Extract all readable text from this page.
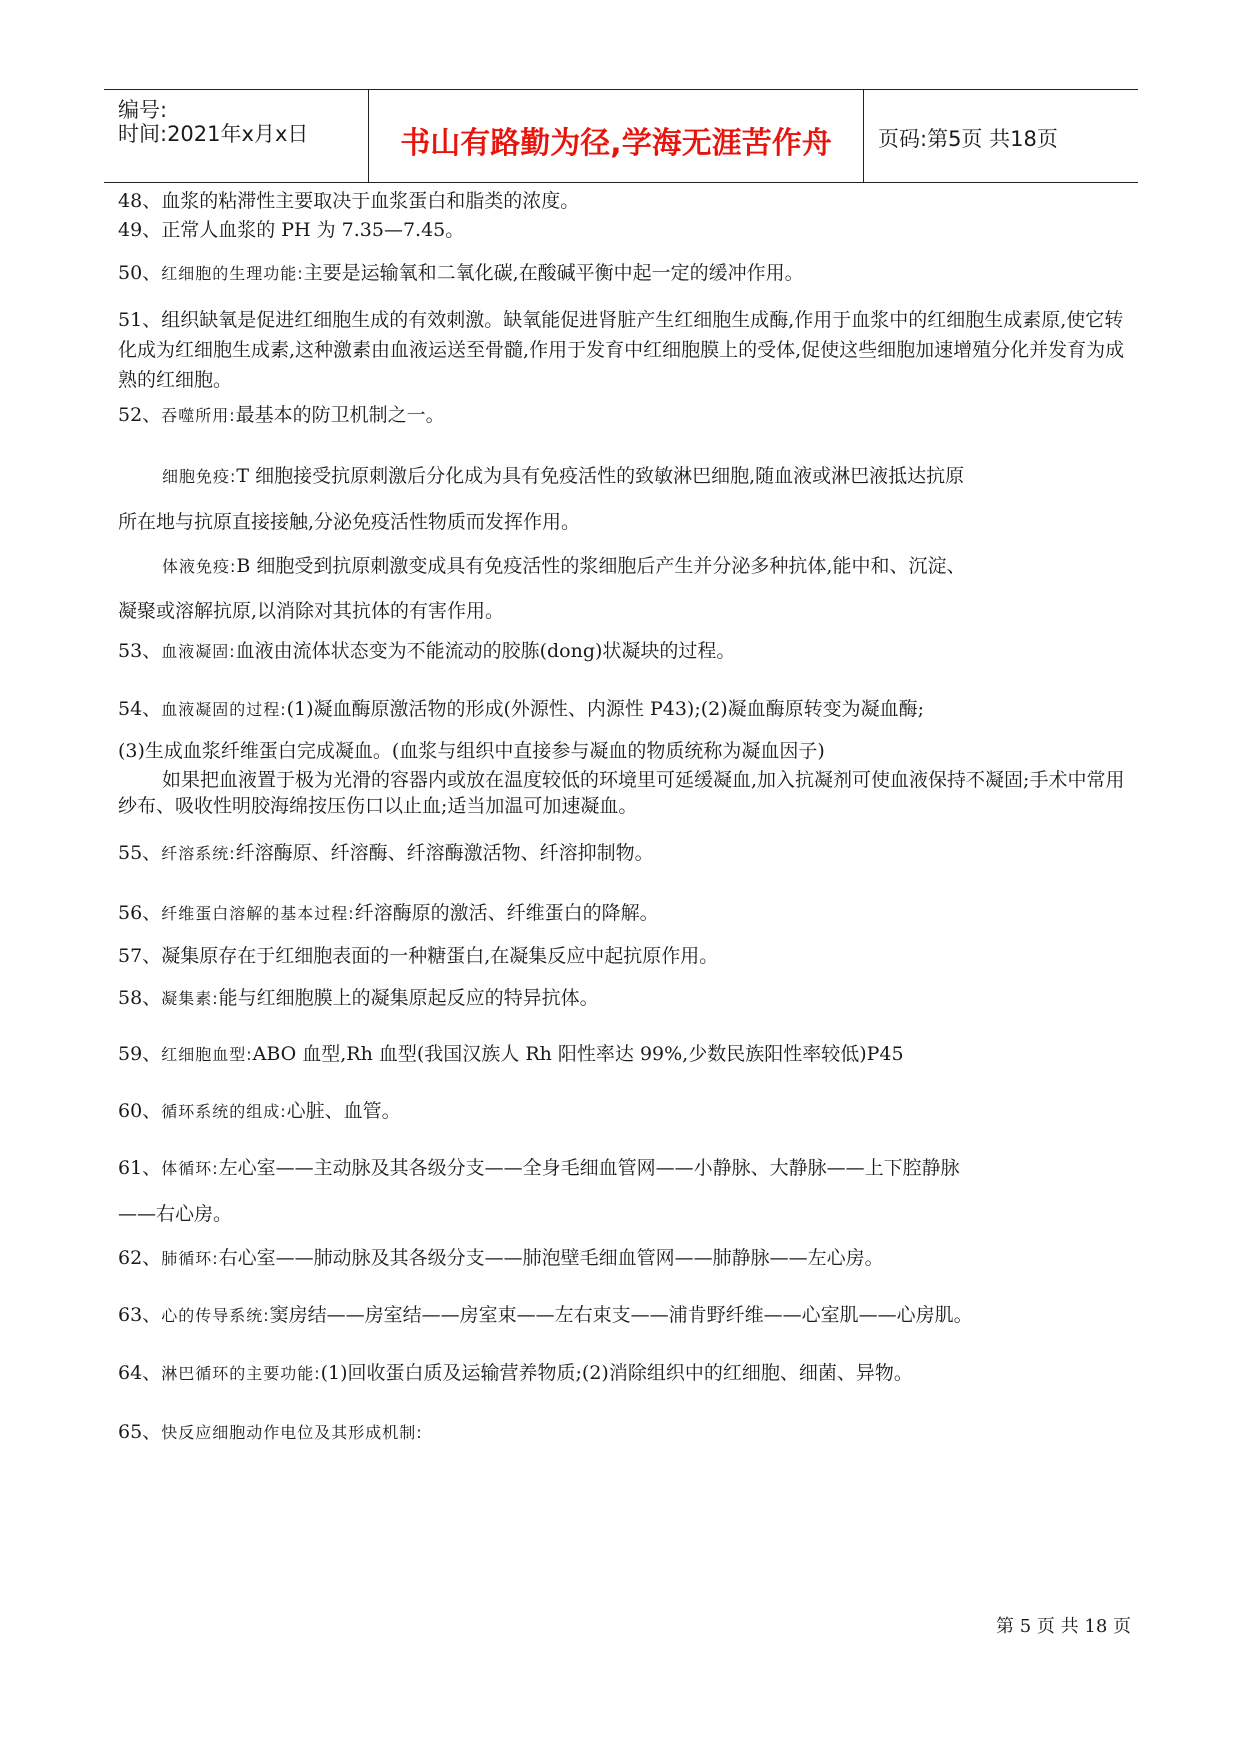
编号:
时间:2021年x月x日	书山有路勤为径,学海无涯苦作舟	页码:第5页 共18页

48、血浆的粘滞性主要取决于血浆蛋白和脂类的浓度。

49、正常人血浆的 PH 为 7.35—7.45。

50、红细胞的生理功能:主要是运输氧和二氧化碳,在酸碱平衡中起一定的缓冲作用。

51、组织缺氧是促进红细胞生成的有效刺激。缺氧能促进肾脏产生红细胞生成酶,作用于血浆中的红细胞生成素原,使它转化成为红细胞生成素,这种激素由血液运送至骨髓,作用于发育中红细胞膜上的受体,促使这些细胞加速增殖分化并发育为成熟的红细胞。

52、吞噬所用:最基本的防卫机制之一。

细胞免疫:T 细胞接受抗原刺激后分化成为具有免疫活性的致敏淋巴细胞,随血液或淋巴液抵达抗原

所在地与抗原直接接触,分泌免疫活性物质而发挥作用。

体液免疫:B 细胞受到抗原刺激变成具有免疫活性的浆细胞后产生并分泌多种抗体,能中和、沉淀、

凝聚或溶解抗原,以消除对其抗体的有害作用。

53、血液凝固:血液由流体状态变为不能流动的胶胨(dong)状凝块的过程。

54、血液凝固的过程:(1)凝血酶原激活物的形成(外源性、内源性 P43);(2)凝血酶原转变为凝血酶;

(3)生成血浆纤维蛋白完成凝血。(血浆与组织中直接参与凝血的物质统称为凝血因子)

如果把血液置于极为光滑的容器内或放在温度较低的环境里可延缓凝血,加入抗凝剂可使血液保持不凝固;手术中常用纱布、吸收性明胶海绵按压伤口以止血;适当加温可加速凝血。

55、纤溶系统:纤溶酶原、纤溶酶、纤溶酶激活物、纤溶抑制物。

56、纤维蛋白溶解的基本过程:纤溶酶原的激活、纤维蛋白的降解。

57、凝集原存在于红细胞表面的一种糖蛋白,在凝集反应中起抗原作用。

58、凝集素:能与红细胞膜上的凝集原起反应的特异抗体。

59、红细胞血型:ABO 血型,Rh 血型(我国汉族人 Rh 阳性率达 99%,少数民族阳性率较低)P45

60、循环系统的组成:心脏、血管。

61、体循环:左心室——主动脉及其各级分支——全身毛细血管网——小静脉、大静脉——上下腔静脉

——右心房。

62、肺循环:右心室——肺动脉及其各级分支——肺泡壁毛细血管网——肺静脉——左心房。

63、心的传导系统:窦房结——房室结——房室束——左右束支——浦肯野纤维——心室肌——心房肌。

64、淋巴循环的主要功能:(1)回收蛋白质及运输营养物质;(2)消除组织中的红细胞、细菌、异物。

65、快反应细胞动作电位及其形成机制:

第 5 页 共 18 页
